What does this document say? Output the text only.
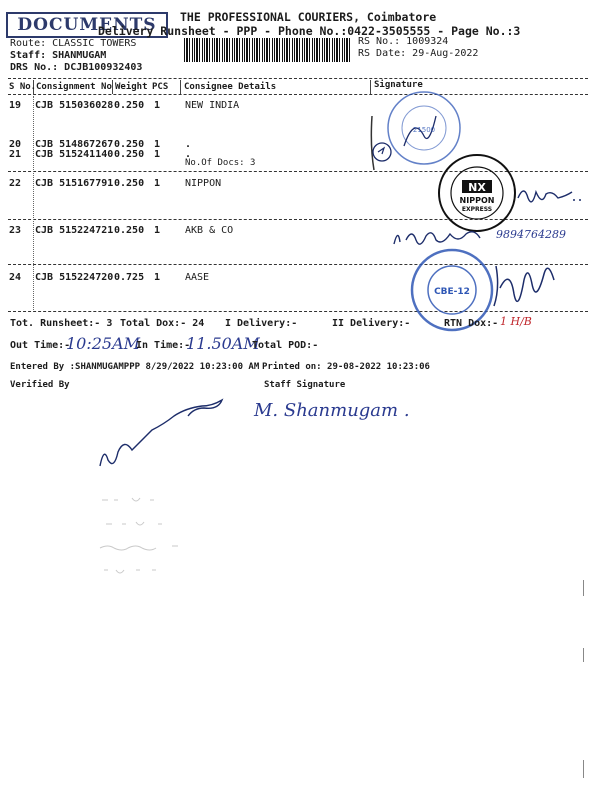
DOCUMENTS	THE PROFESSIONAL COURIERS, Coimbatore
Delivery Runsheet - PPP - Phone No.:0422-3505555 - Page No.:3
Route: CLASSIC TOWERS
Staff: SHANMUGAM
DRS No.: DCJB100932403
RS No.: 1009324
RS Date: 29-Aug-2022
S No. Consignment No Weight PCS Consignee Details	Signature
19 CJB 515036028 0.250 1 NEW INDIA
20 CJB 514867267 0.250 1 .
21 CJB 515241140 0.250 1 .
No.Of Docs: 3
22 CJB 515167791 0.250 1 NIPPON
23 CJB 515224721 0.250 1 AKB & CO
24 CJB 515224720 0.725 1 AASE
21500
NX
NIPPON
EXPRESS
CBE-12
9894764289
Tot. Runsheet:- 3 Total Dox:- 24 I Delivery:-	II Delivery:-	RTN Dox:- 1 H/B
Out Time:-
10:25AM
In Time:-
11.50AM
Total POD:-
Entered By :SHANMUGAMPPP 8/29/2022 10:23:00 AM Printed on: 29-08-2022 10:23:06
Verified By	Staff Signature
M. Shanmugam .
